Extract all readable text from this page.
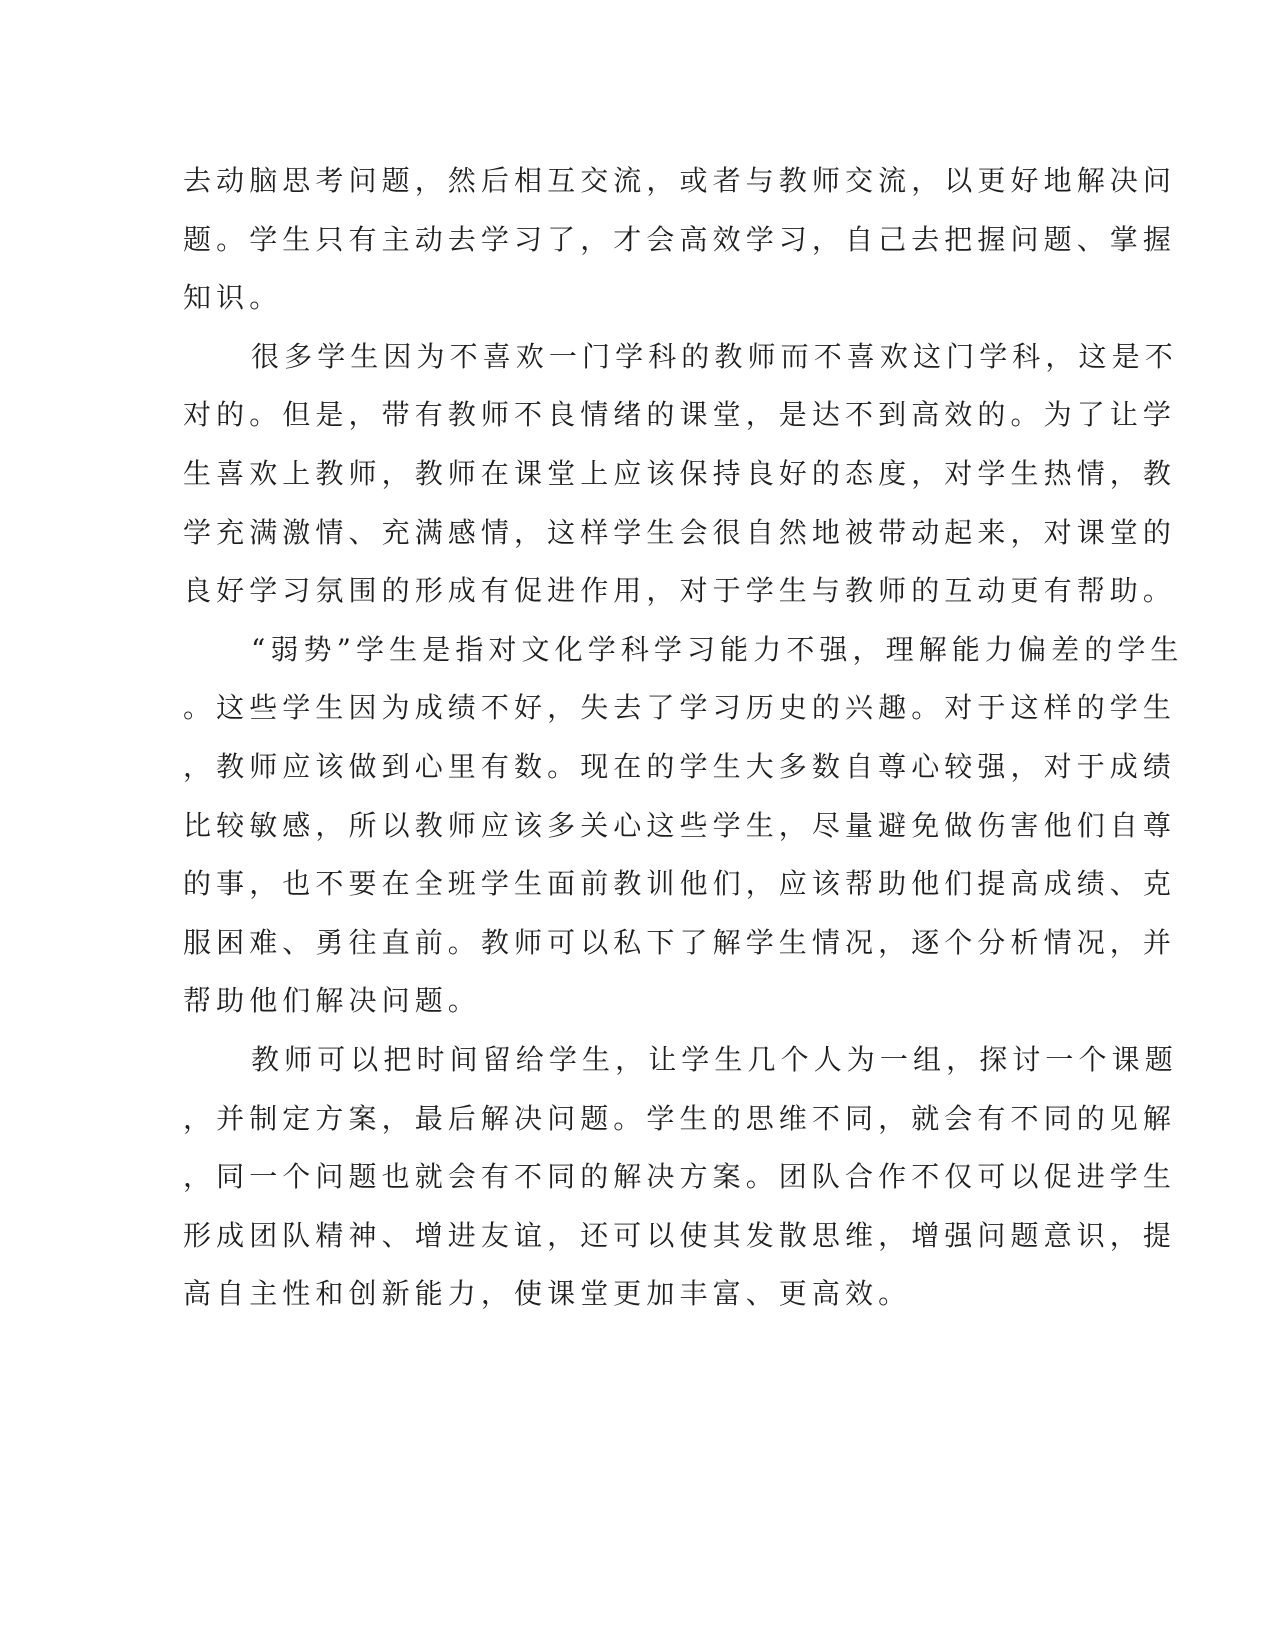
去动脑思考问题，然后相互交流，或者与教师交流，以更好地解决问
题。学生只有主动去学习了，才会高效学习，自己去把握问题、掌握
知识。
很多学生因为不喜欢一门学科的教师而不喜欢这门学科，这是不
对的。但是，带有教师不良情绪的课堂，是达不到高效的。为了让学
生喜欢上教师，教师在课堂上应该保持良好的态度，对学生热情，教
学充满激情、充满感情，这样学生会很自然地被带动起来，对课堂的
良好学习氛围的形成有促进作用，对于学生与教师的互动更有帮助。
“弱势”学生是指对文化学科学习能力不强，理解能力偏差的学生
。这些学生因为成绩不好，失去了学习历史的兴趣。对于这样的学生
，教师应该做到心里有数。现在的学生大多数自尊心较强，对于成绩
比较敏感，所以教师应该多关心这些学生，尽量避免做伤害他们自尊
的事，也不要在全班学生面前教训他们，应该帮助他们提高成绩、克
服困难、勇往直前。教师可以私下了解学生情况，逐个分析情况，并
帮助他们解决问题。
教师可以把时间留给学生，让学生几个人为一组，探讨一个课题
，并制定方案，最后解决问题。学生的思维不同，就会有不同的见解
，同一个问题也就会有不同的解决方案。团队合作不仅可以促进学生
形成团队精神、增进友谊，还可以使其发散思维，增强问题意识，提
高自主性和创新能力，使课堂更加丰富、更高效。
